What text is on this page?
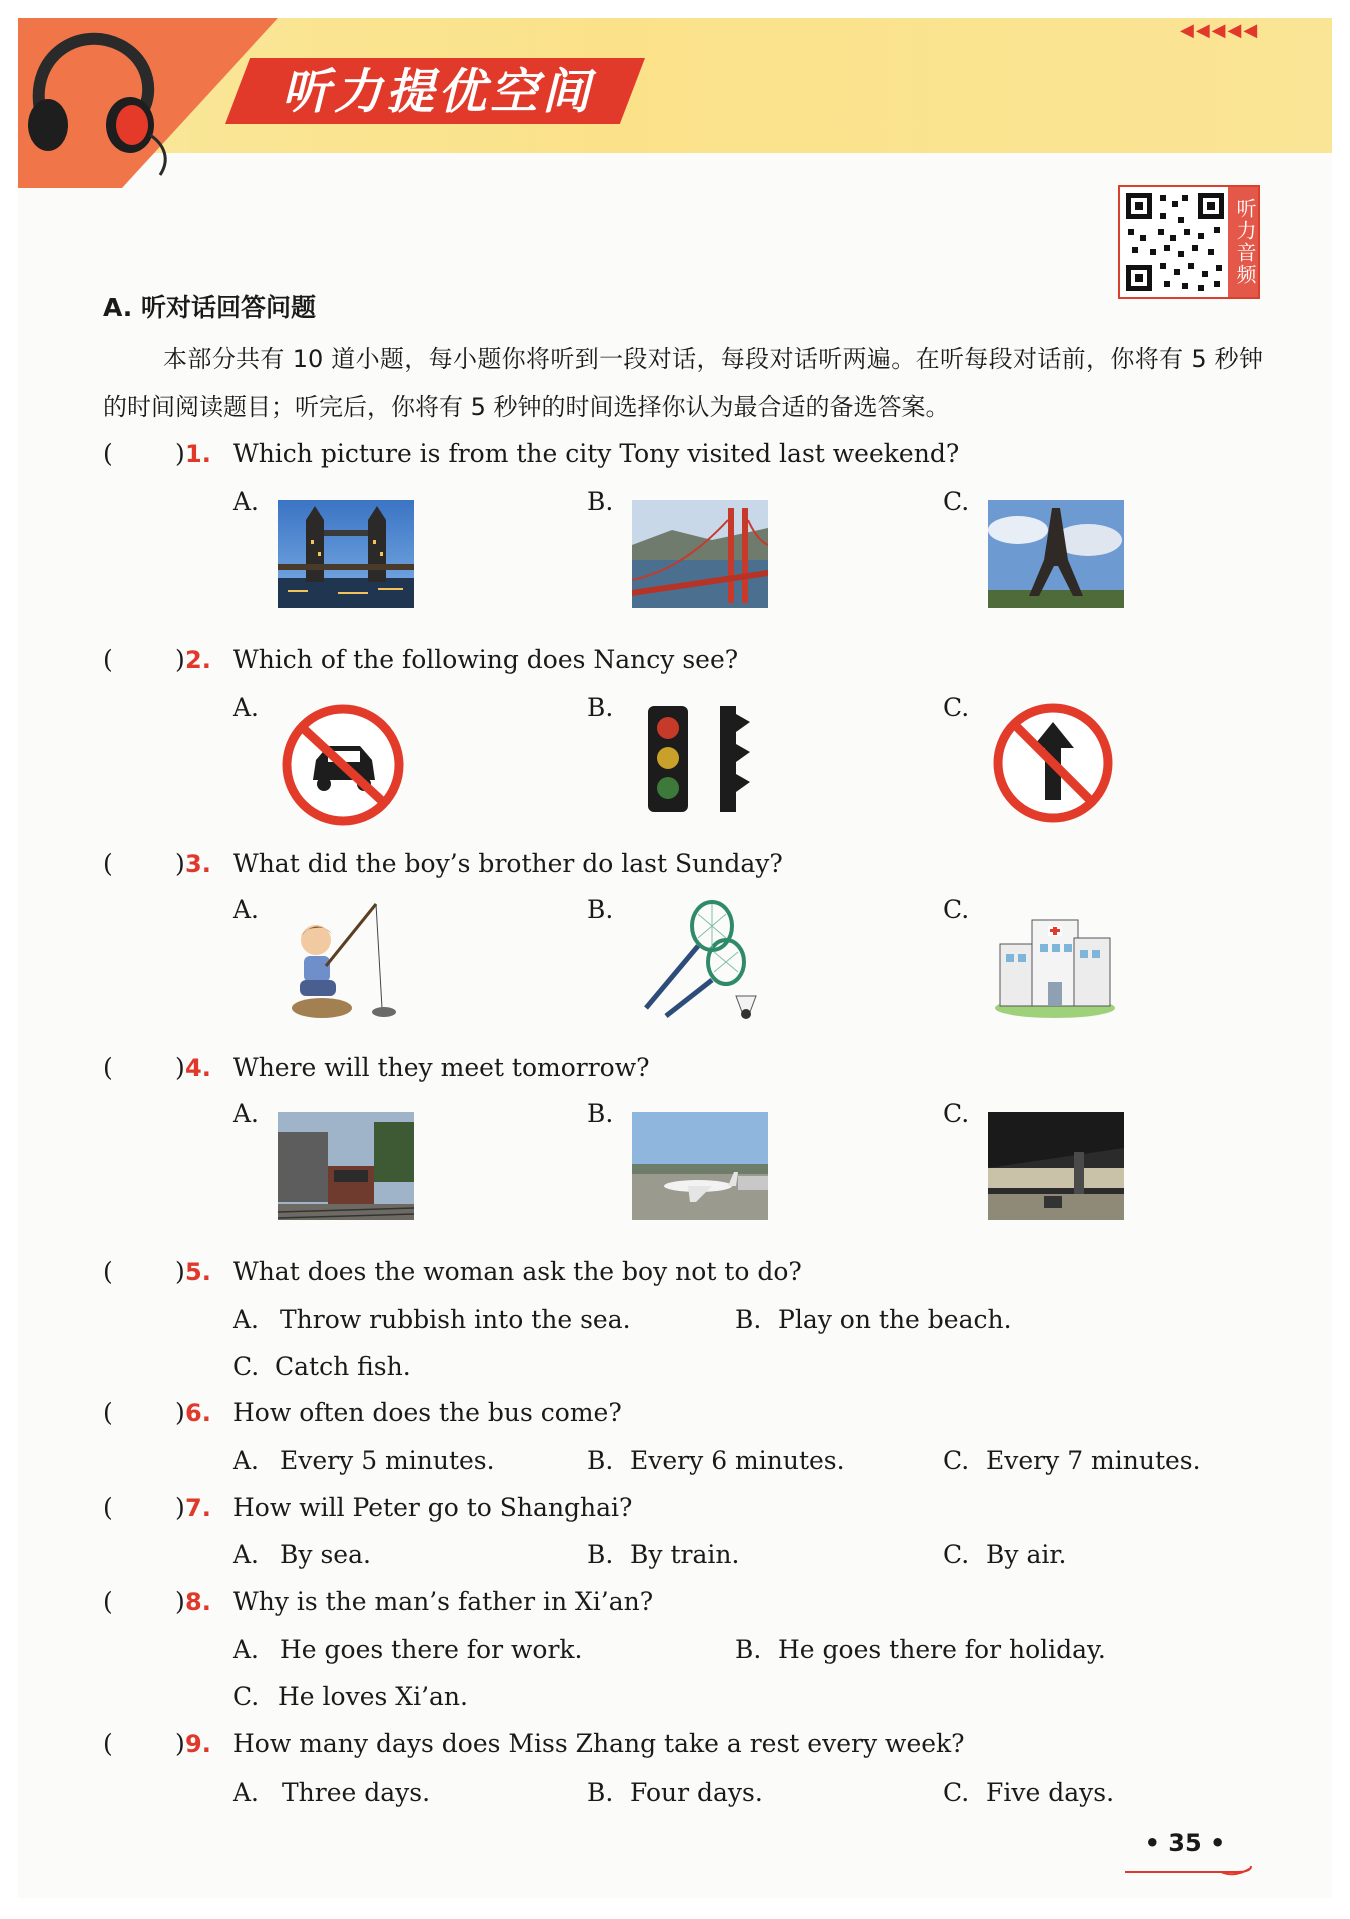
听力提优空间
◀◀◀◀◀
听力音频
A. 听对话回答问题
本部分共有 10 道小题，每小题你将听到一段对话，每段对话听两遍。在听每段对话前，你将有 5 秒钟的时间阅读题目；听完后，你将有 5 秒钟的时间选择你认为最合适的备选答案。
( ) 1. Which picture is from the city Tony visited last weekend?
A.	B.	C.
( ) 2. Which of the following does Nancy see?
A.	B.	C.
( ) 3. What did the boy’s brother do last Sunday?
A.	B.	C.
( ) 4. Where will they meet tomorrow?
A.	B.	C.
( ) 5. What does the woman ask the boy not to do?
A. Throw rubbish into the sea.	B. Play on the beach.
C. Catch fish.
( ) 6. How often does the bus come?
A. Every 5 minutes.	B. Every 6 minutes.	C. Every 7 minutes.
( ) 7. How will Peter go to Shanghai?
A. By sea.	B. By train.	C. By air.
( ) 8. Why is the man’s father in Xi’an?
A. He goes there for work.	B. He goes there for holiday.
C. He loves Xi’an.
( ) 9. How many days does Miss Zhang take a rest every week?
A. Three days.	B. Four days.	C. Five days.
• 35 •
